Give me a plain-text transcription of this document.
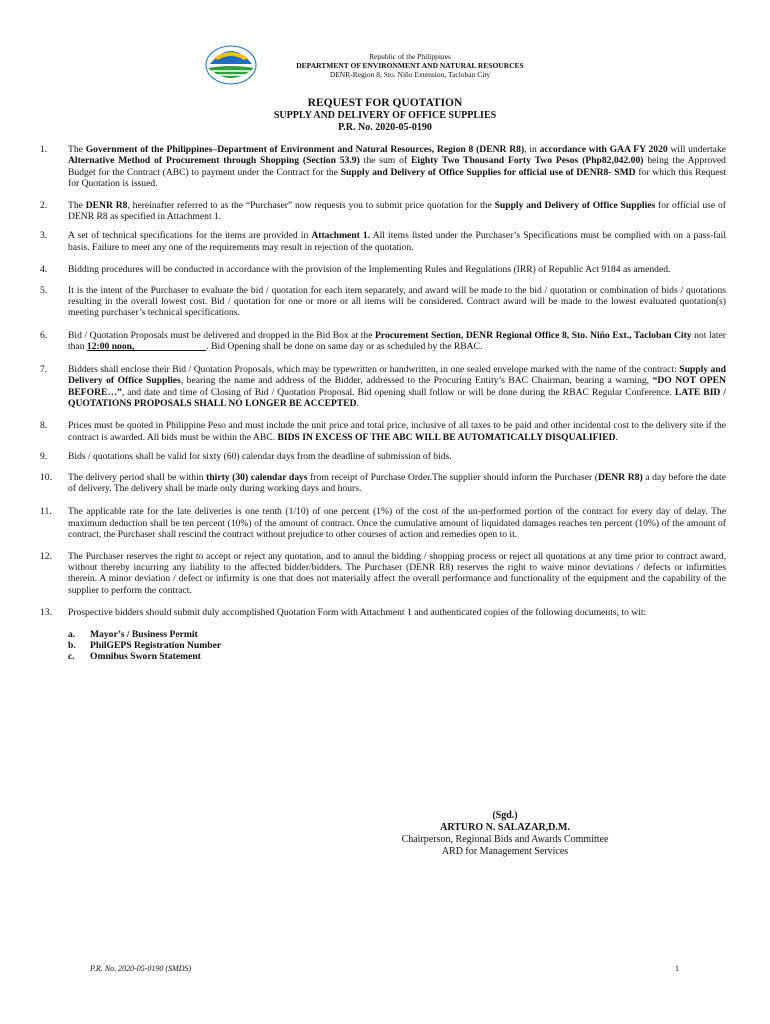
Republic of the Philippines
DEPARTMENT OF ENVIRONMENT AND NATURAL RESOURCES
DENR-Region 8, Sto. Niño Extension, Tacloban City
REQUEST FOR QUOTATION
SUPPLY AND DELIVERY OF OFFICE SUPPLIES
P.R. No. 2020-05-0190
1. The Government of the Philippines–Department of Environment and Natural Resources, Region 8 (DENR R8), in accordance with GAA FY 2020 will undertake Alternative Method of Procurement through Shopping (Section 53.9) the sum of Eighty Two Thousand Forty Two Pesos (Php82,042.00) being the Approved Budget for the Contract (ABC) to payment under the Contract for the Supply and Delivery of Office Supplies for official use of DENR8- SMD for which this Request for Quotation is issued.
2. The DENR R8, hereinafter referred to as the “Purchaser” now requests you to submit price quotation for the Supply and Delivery of Office Supplies for official use of DENR R8 as specified in Attachment 1.
3. A set of technical specifications for the items are provided in Attachment 1. All items listed under the Purchaser’s Specifications must be complied with on a pass-fail basis. Failure to meet any one of the requirements may result in rejection of the quotation.
4. Bidding procedures will be conducted in accordance with the provision of the Implementing Rules and Regulations (IRR) of Republic Act 9184 as amended.
5. It is the intent of the Purchaser to evaluate the bid / quotation for each item separately, and award will be made to the bid / quotation or combination of bids / quotations resulting in the overall lowest cost. Bid / quotation for one or more or all items will be considered. Contract award will be made to the lowest evaluated quotation(s) meeting purchaser’s technical specifications.
6. Bid / Quotation Proposals must be delivered and dropped in the Bid Box at the Procurement Section, DENR Regional Office 8, Sto. Niño Ext., Tacloban City not later than 12:00 noon,                              . Bid Opening shall be done on same day or as scheduled by the RBAC.
7. Bidders shall enclose their Bid / Quotation Proposals, which may be typewritten or handwritten, in one sealed envelope marked with the name of the contract: Supply and Delivery of Office Supplies, bearing the name and address of the Bidder, addressed to the Procuring Entity’s BAC Chairman, bearing a warning, “DO NOT OPEN BEFORE…”, and date and time of Closing of Bid / Quotation Proposal. Bid opening shall follow or will be done during the RBAC Regular Conference. LATE BID / QUOTATIONS PROPOSALS SHALL NO LONGER BE ACCEPTED.
8. Prices must be quoted in Philippine Peso and must include the unit price and total price, inclusive of all taxes to be paid and other incidental cost to the delivery site if the contract is awarded. All bids must be within the ABC. BIDS IN EXCESS OF THE ABC WILL BE AUTOMATICALLY DISQUALIFIED.
9. Bids / quotations shall be valid for sixty (60) calendar days from the deadline of submission of bids.
10. The delivery period shall be within thirty (30) calendar days from receipt of Purchase Order.The supplier should inform the Purchaser (DENR R8) a day before the date of delivery. The delivery shall be made only during working days and hours.
11. The applicable rate for the late deliveries is one tenth (1/10) of one percent (1%) of the cost of the un-performed portion of the contract for every day of delay. The maximum deduction shall be ten percent (10%) of the amount of contract. Once the cumulative amount of liquidated damages reaches ten percent (10%) of the amount of contract, the Purchaser shall rescind the contract without prejudice to other courses of action and remedies open to it.
12. The Purchaser reserves the right to accept or reject any quotation, and to annul the bidding / shopping process or reject all quotations at any time prior to contract award, without thereby incurring any liability to the affected bidder/bidders. The Purchaser (DENR R8) reserves the right to waive minor deviations / defects or infirmities therein. A minor deviation / defect or infirmity is one that does not materially affect the overall performance and functionality of the equipment and the capability of the supplier to perform the contract.
13. Prospective bidders should submit duly accomplished Quotation Form with Attachment 1 and authenticated copies of the following documents, to wit:
a. Mayor’s / Business Permit
b. PhilGEPS Registration Number
c. Omnibus Sworn Statement
(Sgd.)
ARTURO N. SALAZAR,D.M.
Chairperson, Regional Bids and Awards Committee
ARD for Management Services
P.R. No. 2020-05-0190 (SMDS)	1
